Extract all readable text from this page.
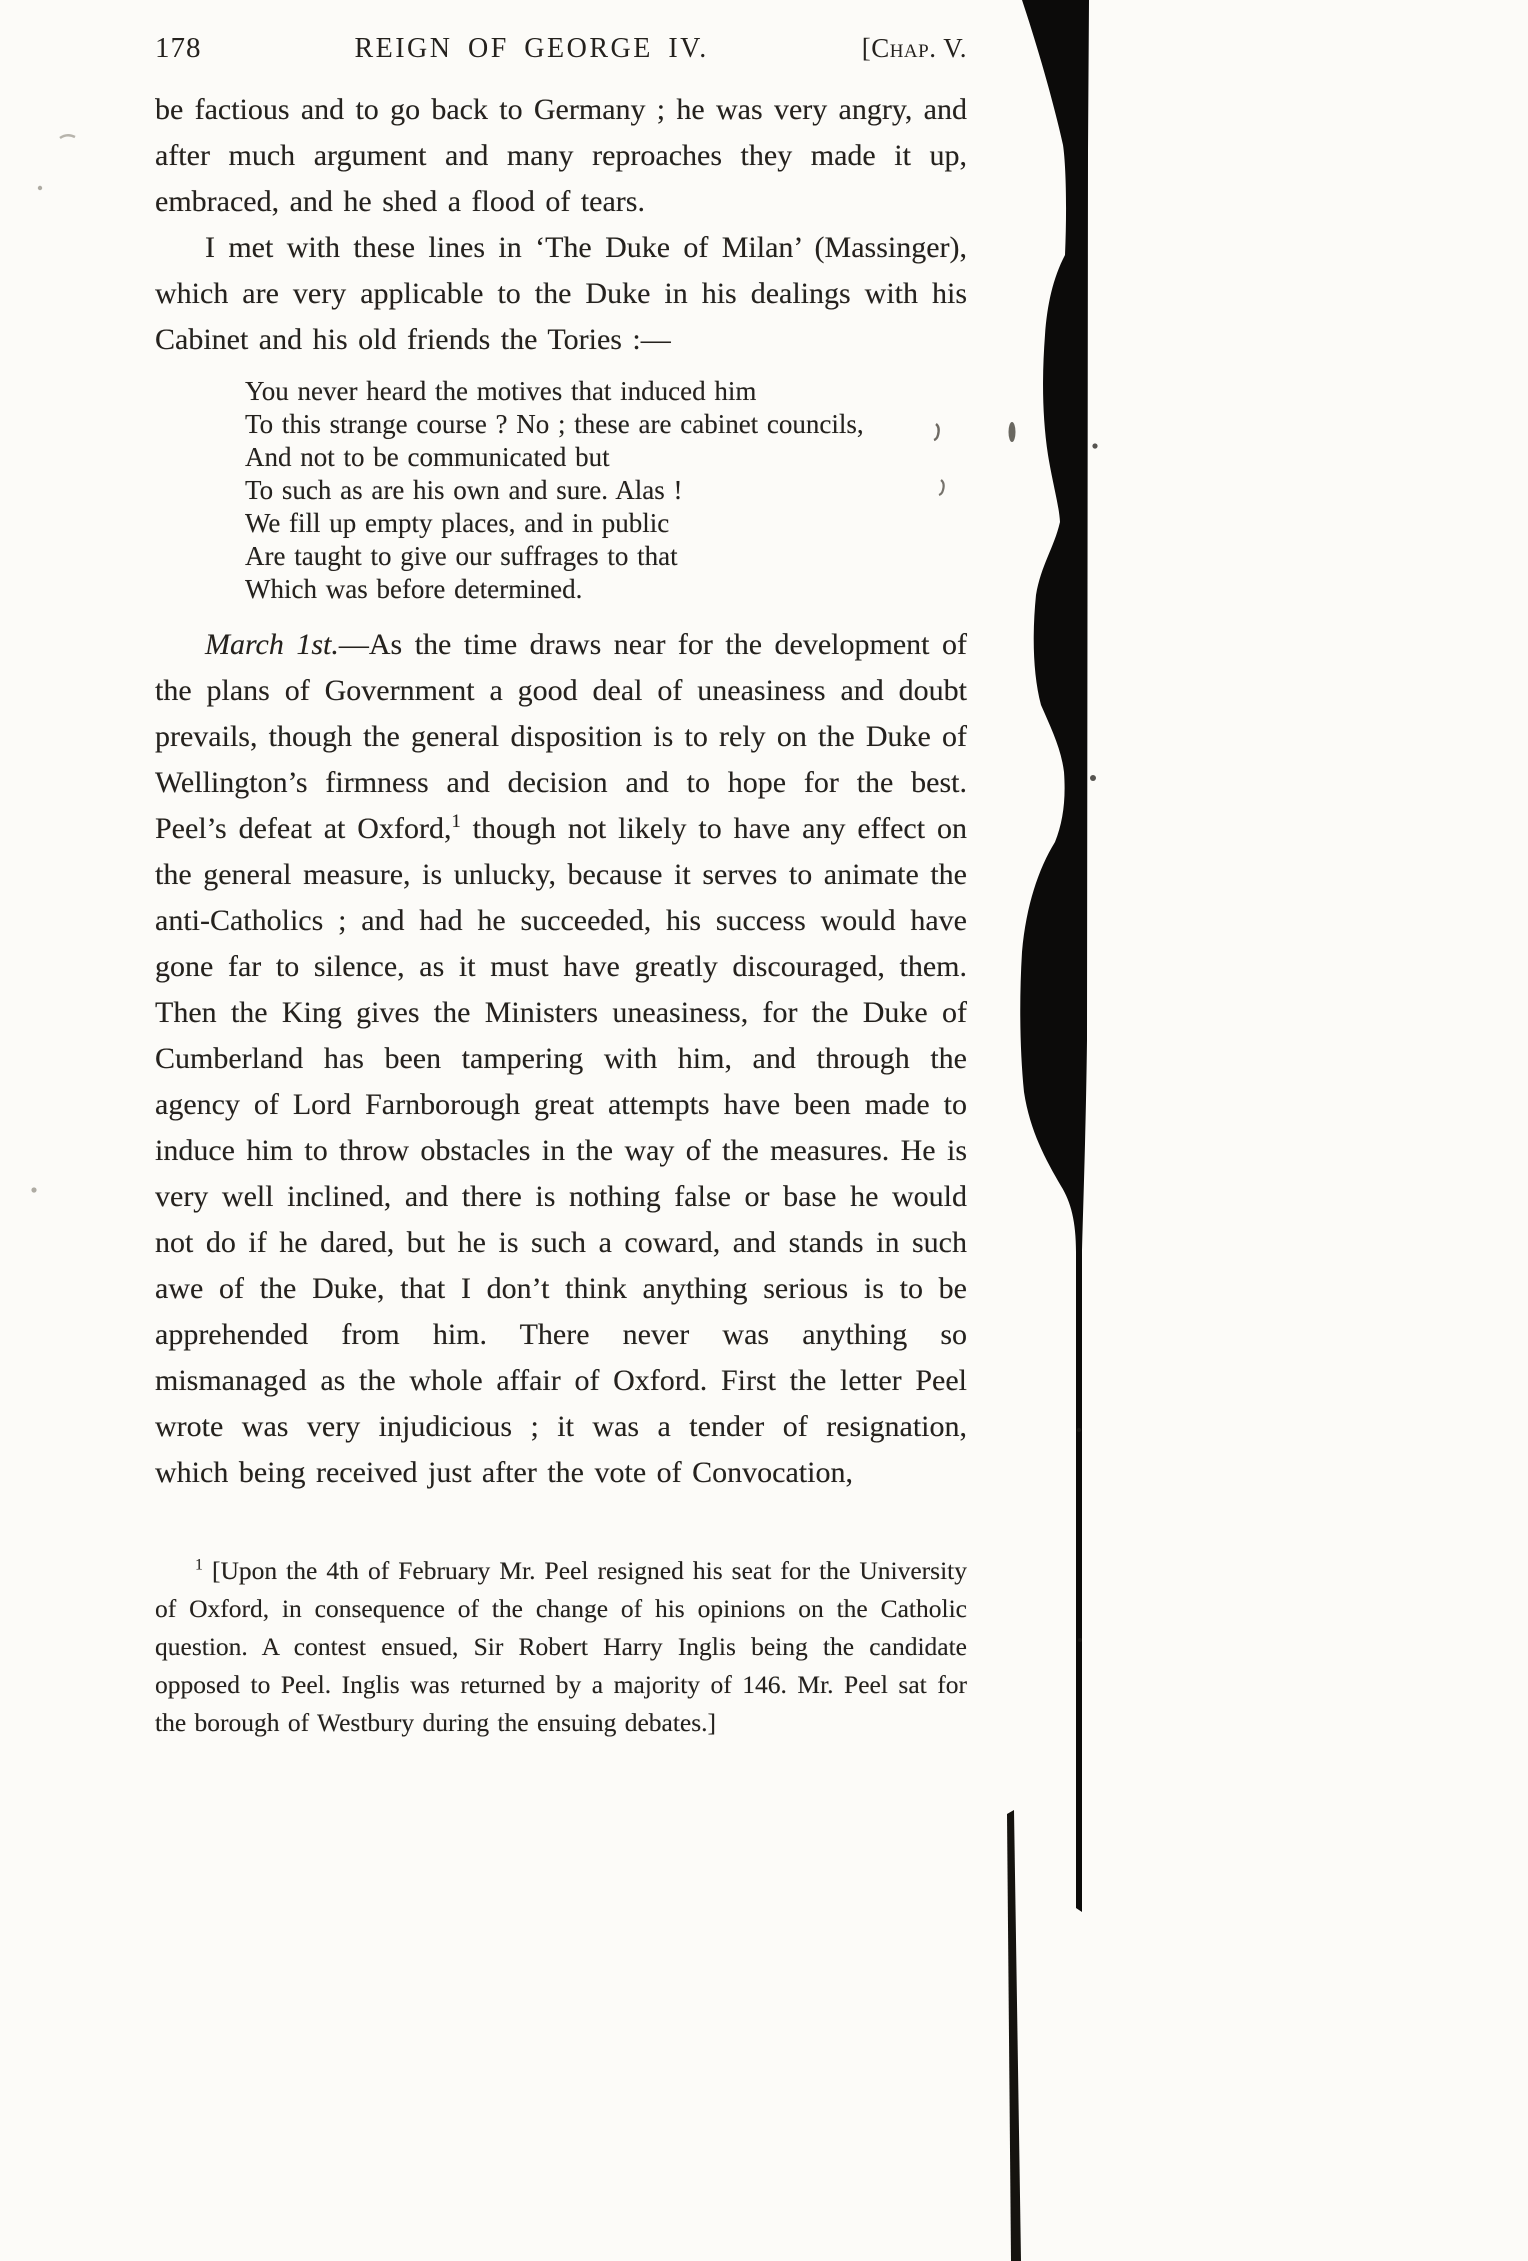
178	REIGN OF GEORGE IV.	[Chap. V.

be factious and to go back to Germany ; he was very angry, and after much argument and many reproaches they made it up, embraced, and he shed a flood of tears.

I met with these lines in ‘The Duke of Milan’ (Massinger), which are very applicable to the Duke in his dealings with his Cabinet and his old friends the Tories :—

You never heard the motives that induced him
To this strange course ? No ; these are cabinet councils,
And not to be communicated but
To such as are his own and sure. Alas !
We fill up empty places, and in public
Are taught to give our suffrages to that
Which was before determined.

March 1st.—As the time draws near for the development of the plans of Government a good deal of uneasiness and doubt prevails, though the general disposition is to rely on the Duke of Wellington’s firmness and decision and to hope for the best. Peel’s defeat at Oxford,$^1$ though not likely to have any effect on the general measure, is unlucky, because it serves to animate the anti-Catholics ; and had he succeeded, his success would have gone far to silence, as it must have greatly discouraged, them. Then the King gives the Ministers uneasiness, for the Duke of Cumberland has been tampering with him, and through the agency of Lord Farnborough great attempts have been made to induce him to throw obstacles in the way of the measures. He is very well inclined, and there is nothing false or base he would not do if he dared, but he is such a coward, and stands in such awe of the Duke, that I don’t think anything serious is to be apprehended from him. There never was anything so mismanaged as the whole affair of Oxford. First the letter Peel wrote was very injudicious ; it was a tender of resignation, which being received just after the vote of Convocation,

$^1$ [Upon the 4th of February Mr. Peel resigned his seat for the University of Oxford, in consequence of the change of his opinions on the Catholic question. A contest ensued, Sir Robert Harry Inglis being the candidate opposed to Peel. Inglis was returned by a majority of 146. Mr. Peel sat for the borough of Westbury during the ensuing debates.]
